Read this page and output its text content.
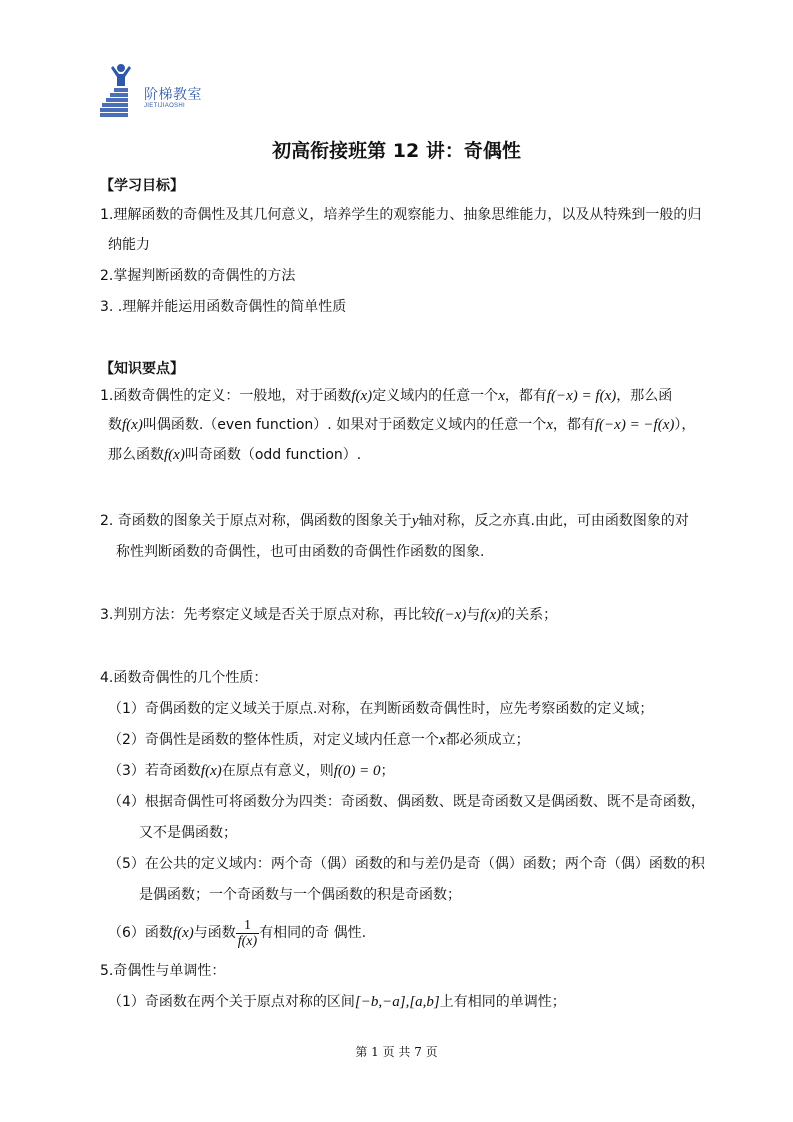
阶梯教室
JIETIJIAOSHI
初高衔接班第 12 讲：奇偶性
【学习目标】
1.理解函数的奇偶性及其几何意义，培养学生的观察能力、抽象思维能力，以及从特殊到一般的归
纳能力
2.掌握判断函数的奇偶性的方法
3. .理解并能运用函数奇偶性的简单性质
【知识要点】
1.函数奇偶性的定义：一般地，对于函数f(x)定义域内的任意一个x，都有f(−x) = f(x)，那么函
数f(x)叫偶函数.（even function）. 如果对于函数定义域内的任意一个x，都有f(−x) = −f(x)），
那么函数f(x)叫奇函数（odd function）.
2. 奇函数的图象关于原点对称，偶函数的图象关于y轴对称，反之亦真.由此，可由函数图象的对
称性判断函数的奇偶性，也可由函数的奇偶性作函数的图象.
3.判别方法：先考察定义域是否关于原点对称，再比较f(−x)与f(x)的关系；
4.函数奇偶性的几个性质：
（1）奇偶函数的定义域关于原点.对称，在判断函数奇偶性时，应先考察函数的定义域；
（2）奇偶性是函数的整体性质，对定义域内任意一个x都必须成立；
（3）若奇函数f(x)在原点有意义，则f(0) = 0；
（4）根据奇偶性可将函数分为四类：奇函数、偶函数、既是奇函数又是偶函数、既不是奇函数，
又不是偶函数；
（5）在公共的定义域内：两个奇（偶）函数的和与差仍是奇（偶）函数；两个奇（偶）函数的积
是偶函数；一个奇函数与一个偶函数的积是奇函数；
（6）函数f(x)与函数 $\frac{1}{f(x)}$ 有相同的奇 偶性.
5.奇偶性与单调性：
（1）奇函数在两个关于原点对称的区间[−b,−a],[a,b]上有相同的单调性；
第 1 页 共 7 页
